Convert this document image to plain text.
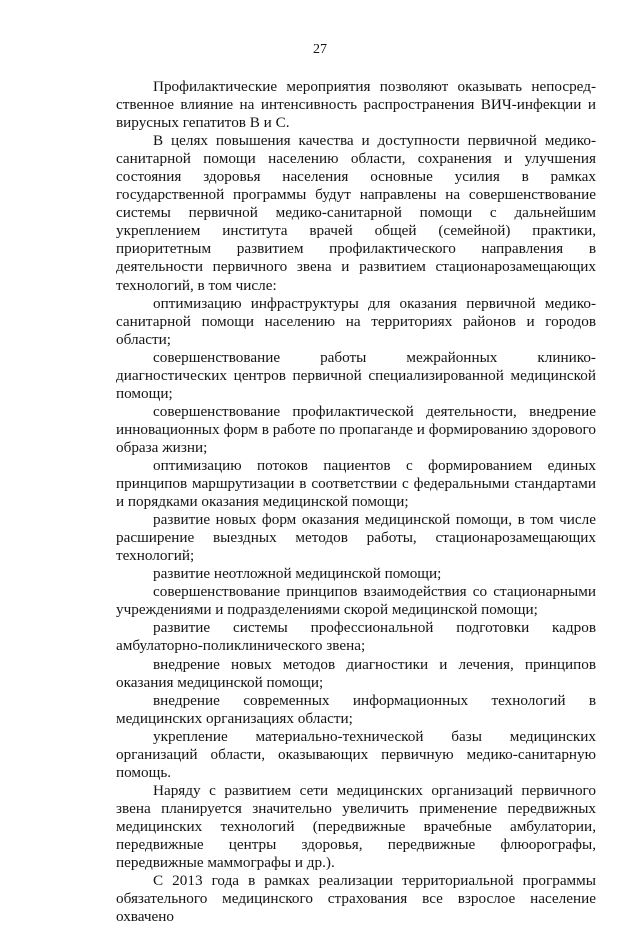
27

Профилактические мероприятия позволяют оказывать непосредственное влияние на интенсивность распространения ВИЧ-инфекции и вирусных гепатитов В и С.

В целях повышения качества и доступности первичной медико-санитарной помощи населению области, сохранения и улучшения состояния здоровья населения основные усилия в рамках государственной программы будут направлены на совершенствование системы первичной медико-санитарной помощи с дальнейшим укреплением института врачей общей (семейной) практики, приоритетным развитием профилактического направления в деятельности первичного звена и развитием стационарозамещающих технологий, в том числе:

оптимизацию инфраструктуры для оказания первичной медико-санитарной помощи населению на территориях районов и городов области;

совершенствование работы межрайонных клинико-диагностических центров первичной специализированной медицинской помощи;

совершенствование профилактической деятельности, внедрение инновационных форм в работе по пропаганде и формированию здорового образа жизни;

оптимизацию потоков пациентов с формированием единых принципов маршрутизации в соответствии с федеральными стандартами и порядками оказания медицинской помощи;

развитие новых форм оказания медицинской помощи, в том числе расширение выездных методов работы, стационарозамещающих технологий;

развитие неотложной медицинской помощи;

совершенствование принципов взаимодействия со стационарными учреждениями и подразделениями скорой медицинской помощи;

развитие системы профессиональной подготовки кадров амбулаторно-поликлинического звена;

внедрение новых методов диагностики и лечения, принципов оказания медицинской помощи;

внедрение современных информационных технологий в медицинских организациях области;

укрепление материально-технической базы медицинских организаций области, оказывающих первичную медико-санитарную помощь.

Наряду с развитием сети медицинских организаций первичного звена планируется значительно увеличить применение передвижных медицинских технологий (передвижные врачебные амбулатории, передвижные центры здоровья, передвижные флюорографы, передвижные маммографы и др.).

С 2013 года в рамках реализации территориальной программы обязательного медицинского страхования все взрослое население охвачено
